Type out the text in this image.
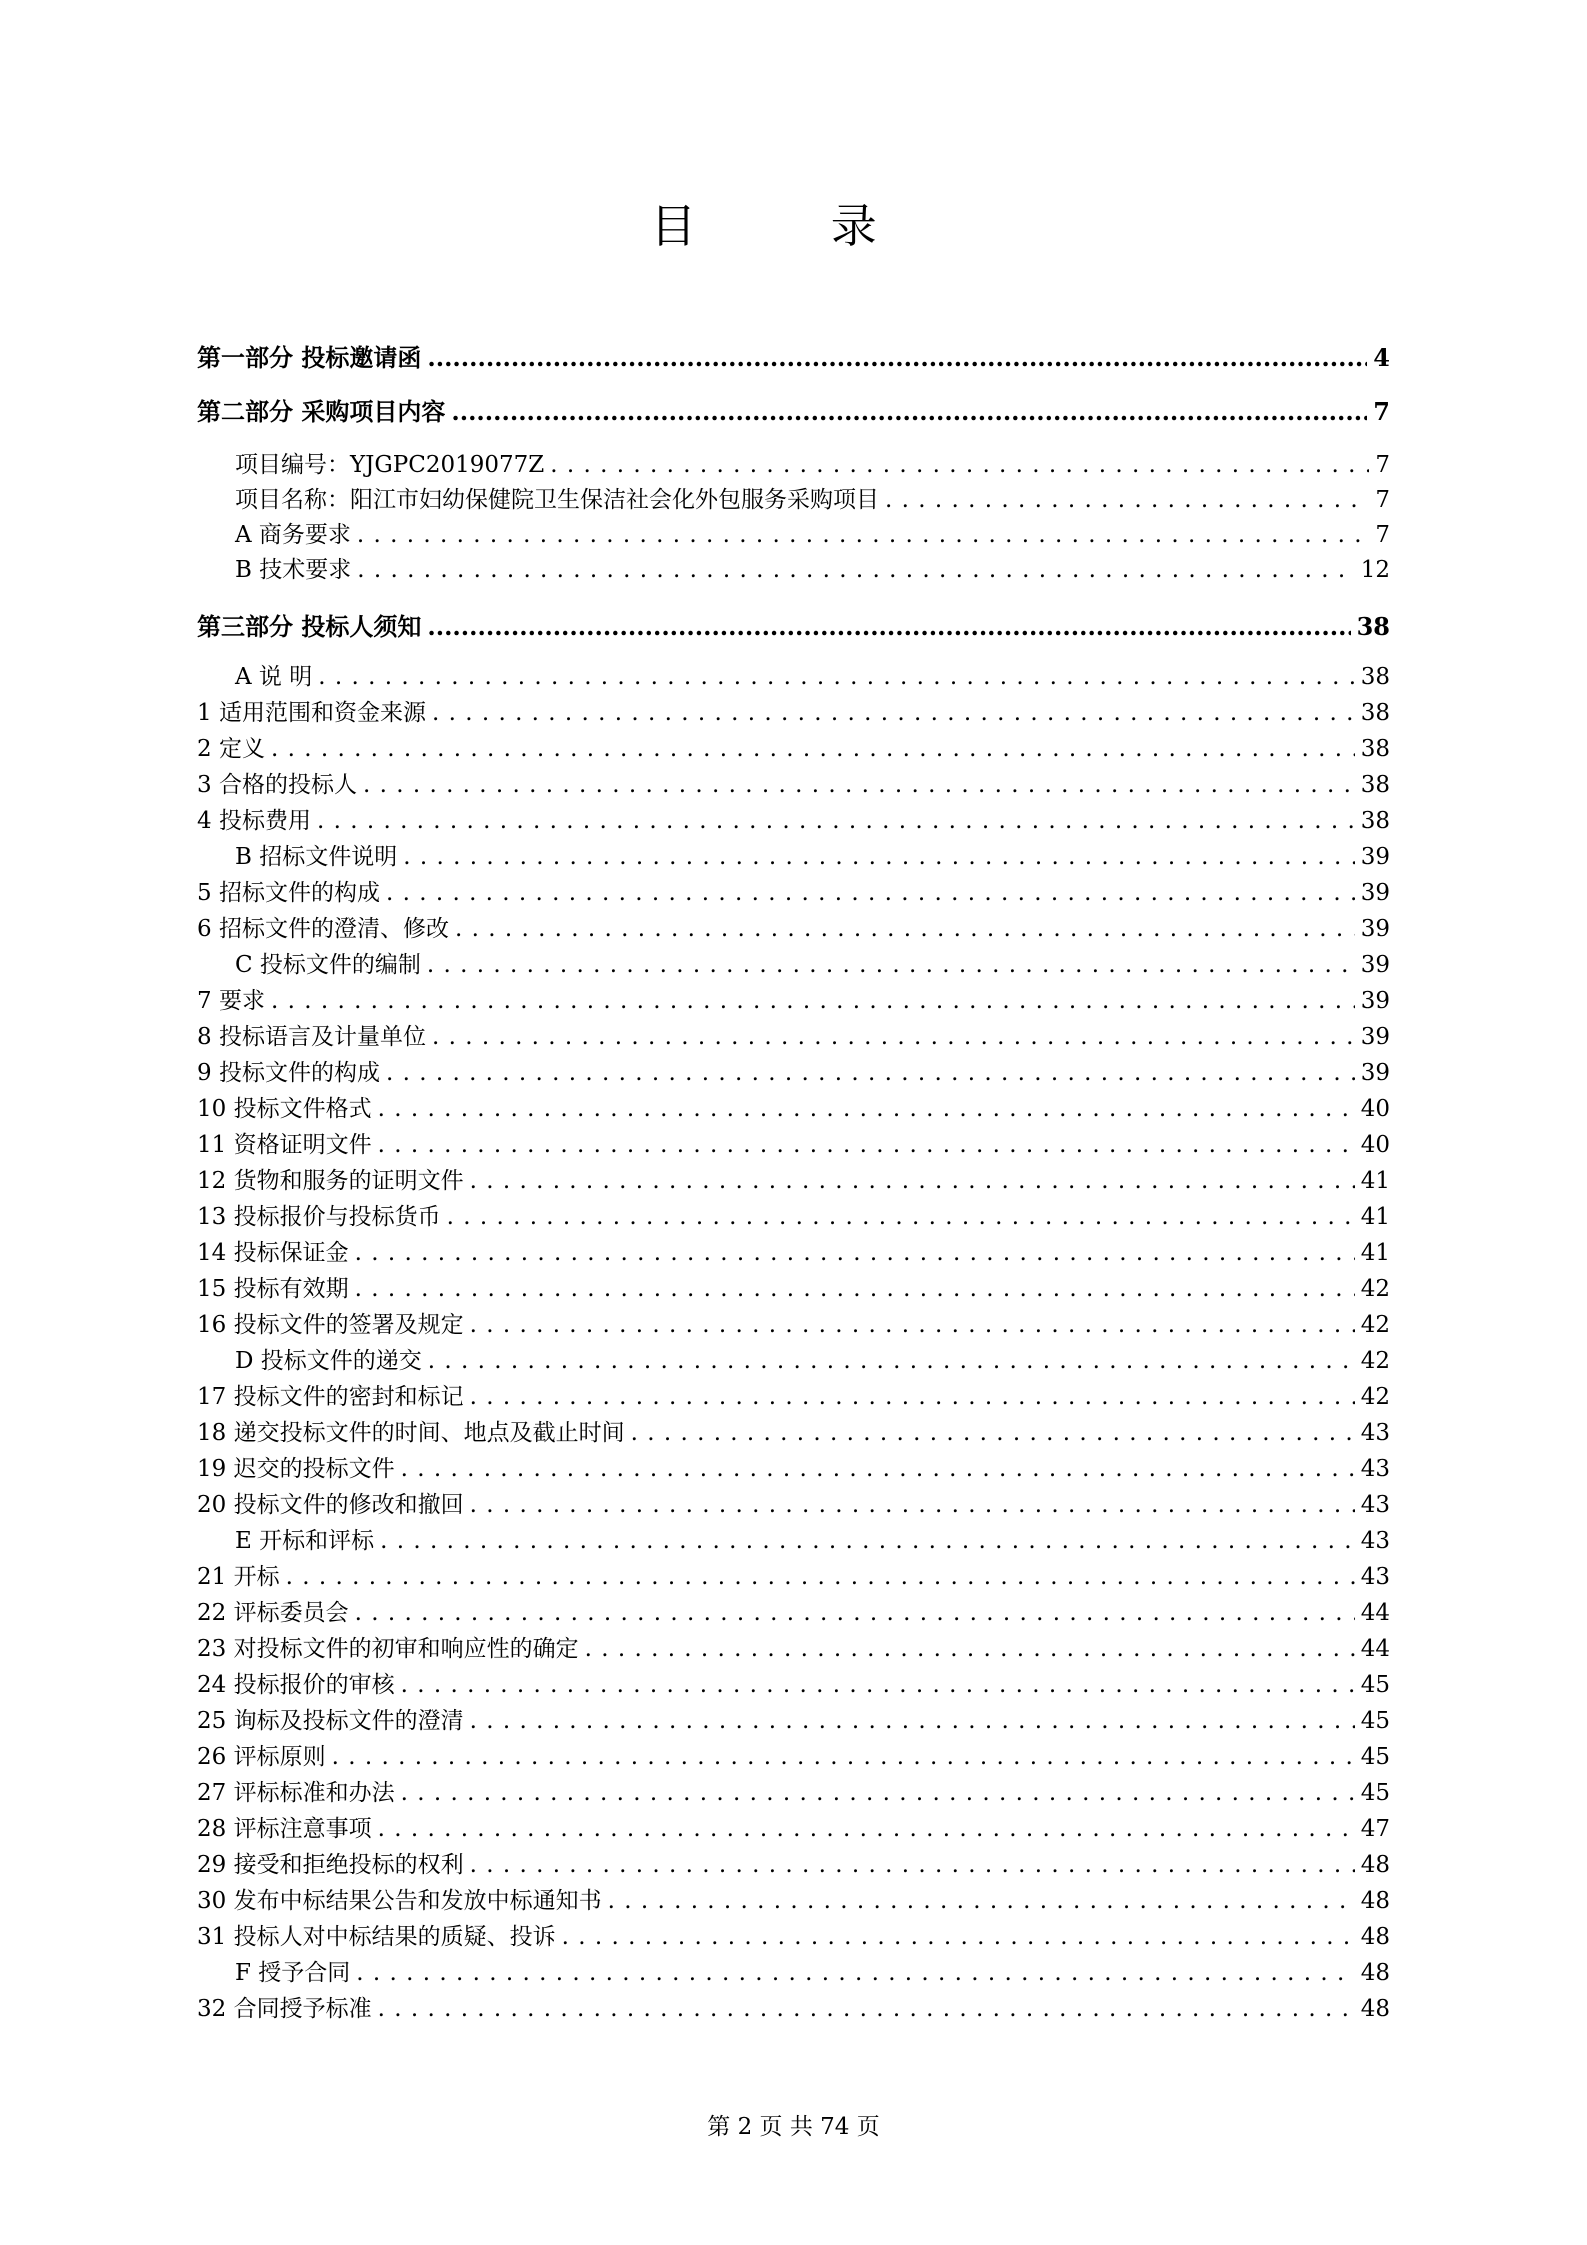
目 录
第一部分 投标邀请函 .....	4
第二部分 采购项目内容 .....	7
项目编号：YJGPC2019077Z . . .	7
项目名称：阳江市妇幼保健院卫生保洁社会化外包服务采购项目 . . .	7
A 商务要求 . . .	7
B 技术要求 . . .	12
第三部分 投标人须知 .....	38
A 说 明 . . .	38
1 适用范围和资金来源 . . .	38
2 定义 . . .	38
3 合格的投标人 . . .	38
4 投标费用 . . .	38
B 招标文件说明 . . .	39
5 招标文件的构成 . . .	39
6 招标文件的澄清、修改 . . .	39
C 投标文件的编制 . . .	39
7 要求 . . .	39
8 投标语言及计量单位 . . .	39
9 投标文件的构成 . . .	39
10 投标文件格式 . . .	40
11 资格证明文件 . . .	40
12 货物和服务的证明文件 . . .	41
13 投标报价与投标货币 . . .	41
14 投标保证金 . . .	41
15 投标有效期 . . .	42
16 投标文件的签署及规定 . . .	42
D 投标文件的递交 . . .	42
17 投标文件的密封和标记 . . .	42
18 递交投标文件的时间、地点及截止时间 . . .	43
19 迟交的投标文件 . . .	43
20 投标文件的修改和撤回 . . .	43
E 开标和评标 . . .	43
21 开标 . . .	43
22 评标委员会 . . .	44
23 对投标文件的初审和响应性的确定 . . .	44
24 投标报价的审核 . . .	45
25 询标及投标文件的澄清 . . .	45
26 评标原则 . . .	45
27 评标标准和办法 . . .	45
28 评标注意事项 . . .	47
29 接受和拒绝投标的权利 . . .	48
30 发布中标结果公告和发放中标通知书 . . .	48
31 投标人对中标结果的质疑、投诉 . . .	48
F 授予合同 . . .	48
32 合同授予标准 . . .	48
第 2 页 共 74 页
